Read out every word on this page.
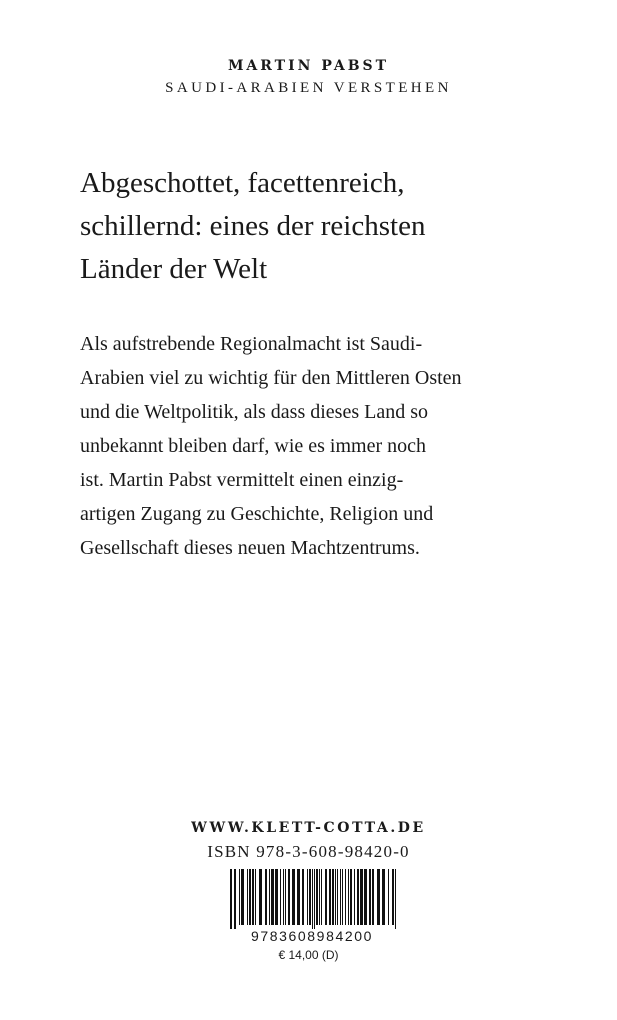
MARTIN PABST
SAUDI-ARABIEN VERSTEHEN
Abgeschottet, facettenreich,
schillernd: eines der reichsten
Länder der Welt
Als aufstrebende Regionalmacht ist Saudi-
Arabien viel zu wichtig für den Mittleren Osten
und die Weltpolitik, als dass dieses Land so
unbekannt bleiben darf, wie es immer noch
ist. Martin Pabst vermittelt einen einzig-
artigen Zugang zu Geschichte, Religion und
Gesellschaft dieses neuen Machtzentrums.
WWW.KLETT-COTTA.DE
ISBN 978-3-608-98420-0
9783608984200
€ 14,00 (D)
